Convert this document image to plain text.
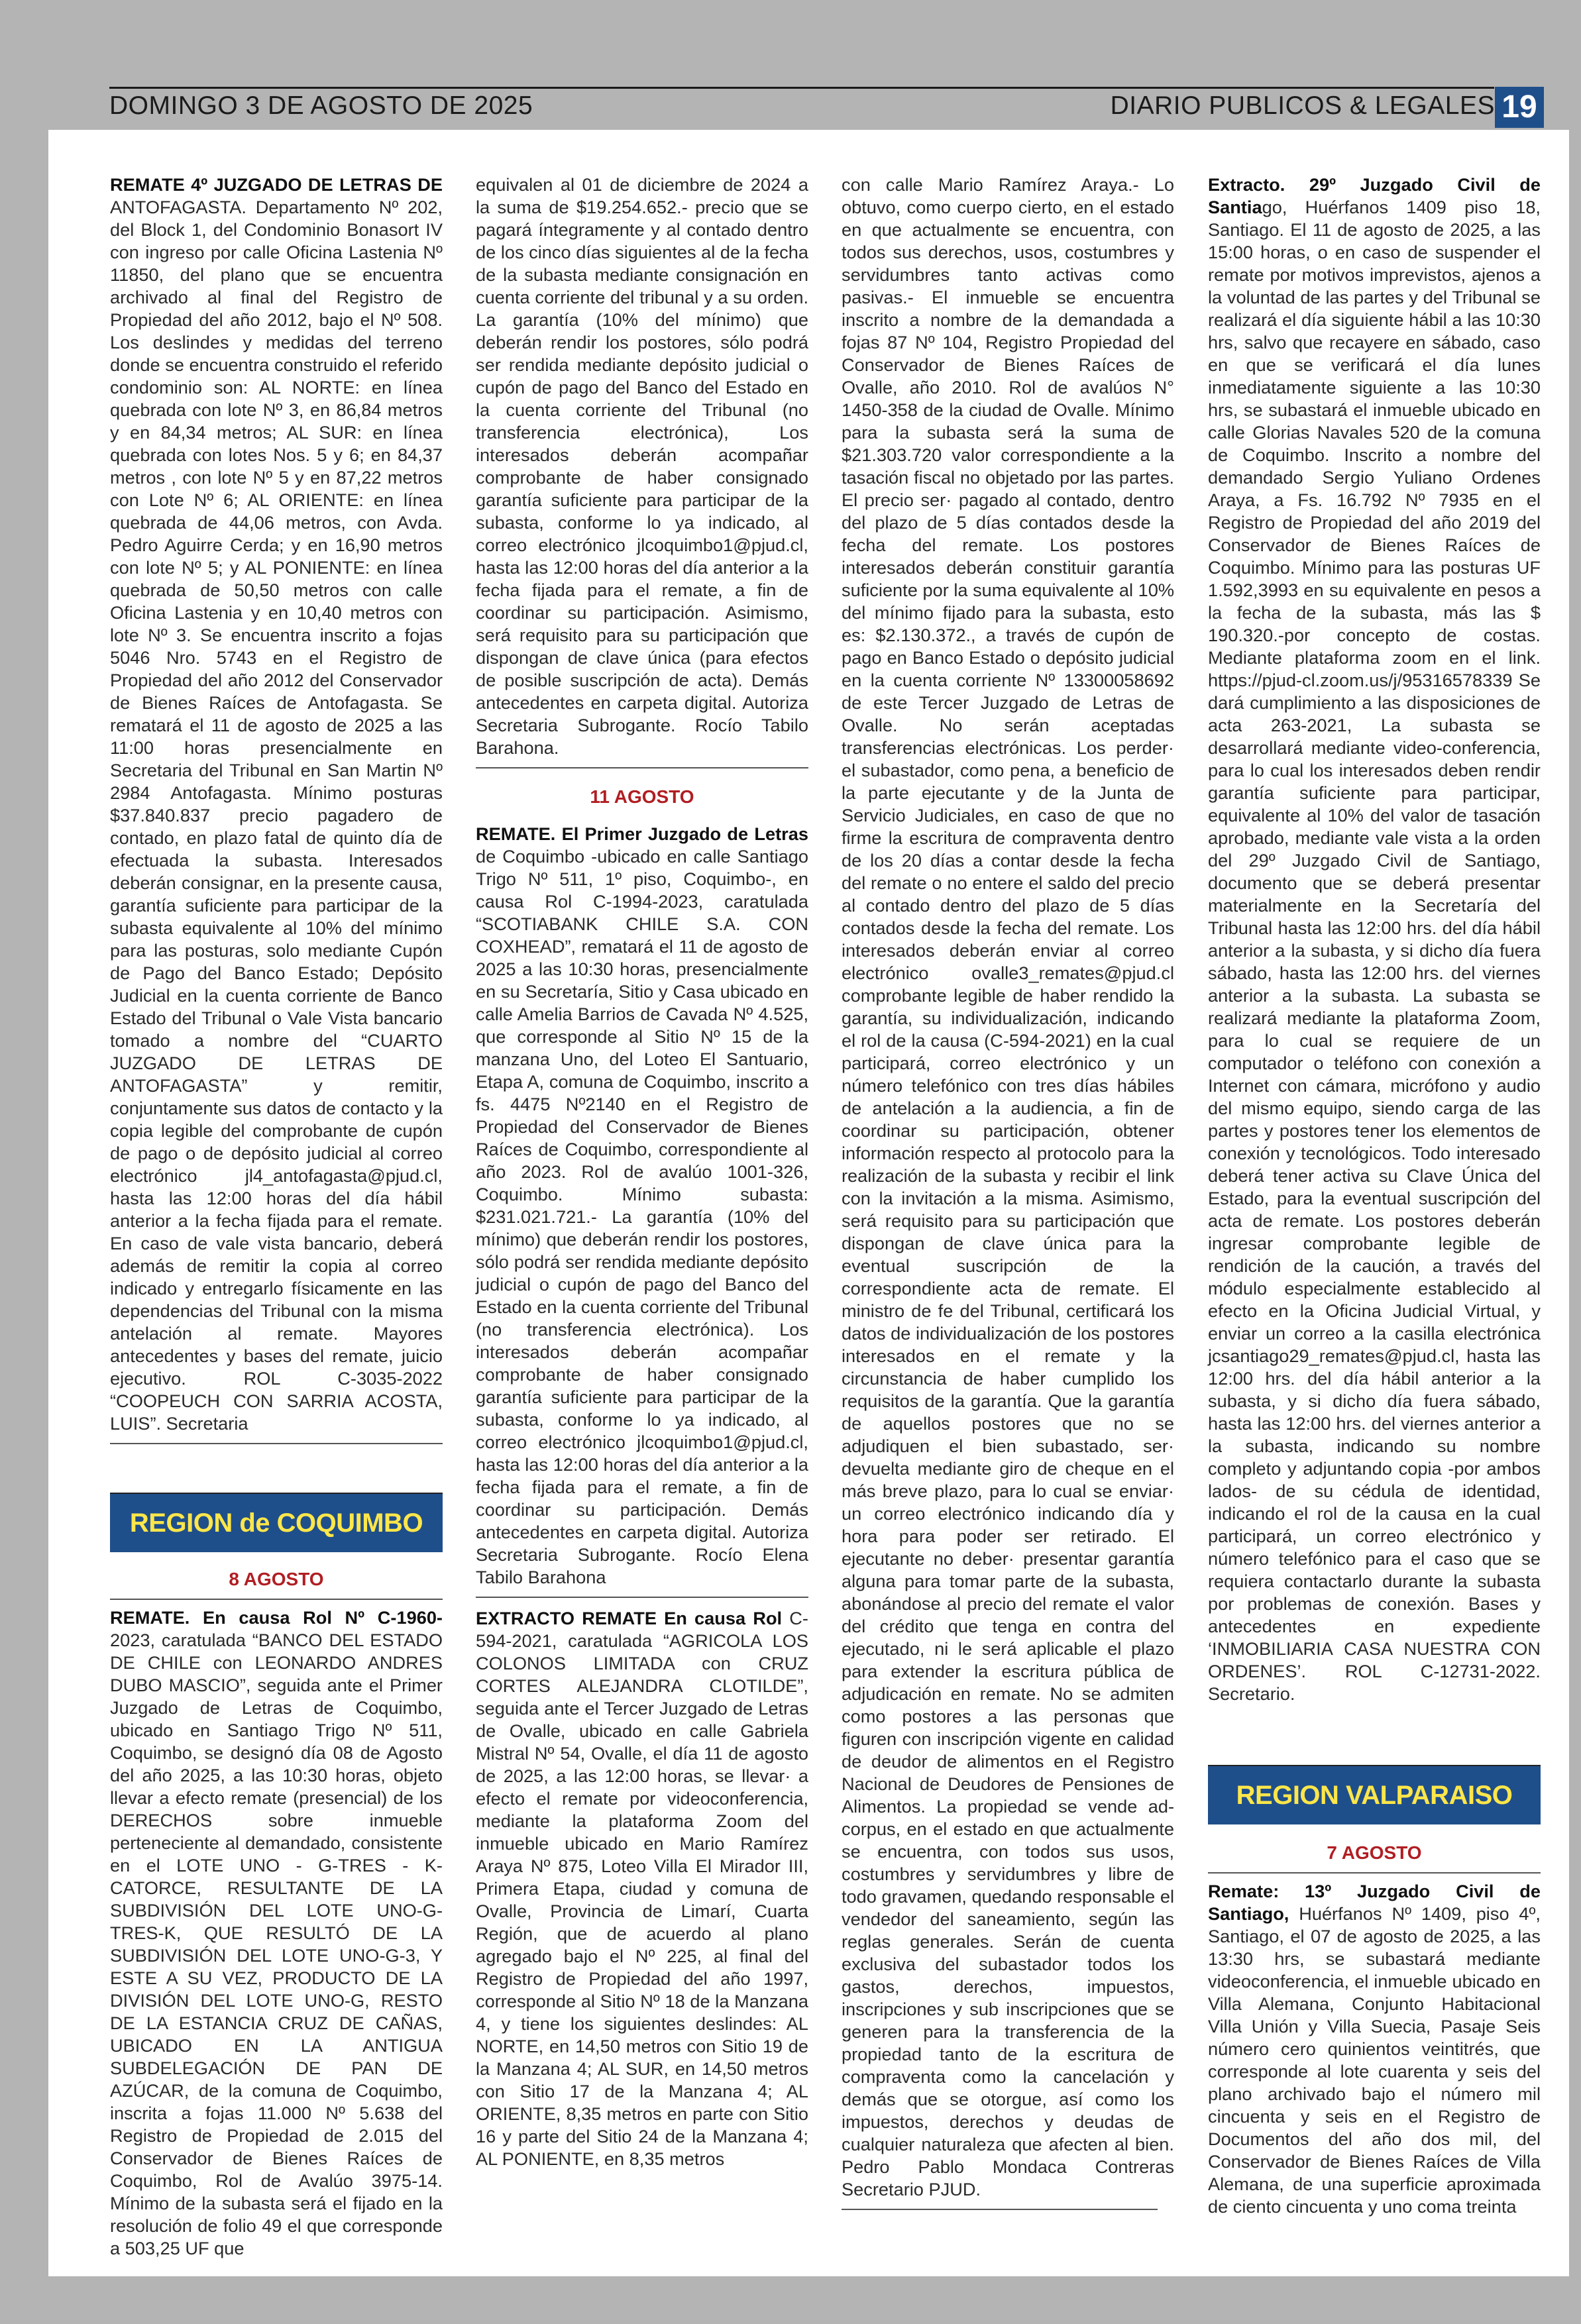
DOMINGO 3 DE AGOSTO DE 2025	DIARIO PUBLICOS & LEGALES 19

REMATE 4º JUZGADO DE LETRAS DE ANTOFAGASTA. Departamento Nº 202, del Block 1, del Condominio Bonasort IV con ingreso por calle Oficina Lastenia Nº 11850, del plano que se encuentra archivado al final del Registro de Propiedad del año 2012, bajo el Nº 508. Los deslindes y medidas del terreno donde se encuentra construido el referido condominio son: AL NORTE: en línea quebrada con lote Nº 3, en 86,84 metros y en 84,34 metros; AL SUR: en línea quebrada con lotes Nos. 5 y 6; en 84,37 metros , con lote Nº 5 y en 87,22 metros con Lote Nº 6; AL ORIENTE: en línea quebrada de 44,06 metros, con Avda. Pedro Aguirre Cerda; y en 16,90 metros con lote Nº 5; y AL PONIENTE: en línea quebrada de 50,50 metros con calle Oficina Lastenia y en 10,40 metros con lote Nº 3. Se encuentra inscrito a fojas 5046 Nro. 5743 en el Registro de Propiedad del año 2012 del Conservador de Bienes Raíces de Antofagasta. Se rematará el 11 de agosto de 2025 a las 11:00 horas presencialmente en Secretaria del Tribunal en San Martin Nº 2984 Antofagasta. Mínimo posturas $37.840.837 precio pagadero de contado, en plazo fatal de quinto día de efectuada la subasta. Interesados deberán consignar, en la presente causa, garantía suficiente para participar de la subasta equivalente al 10% del mínimo para las posturas, solo mediante Cupón de Pago del Banco Estado; Depósito Judicial en la cuenta corriente de Banco Estado del Tribunal o Vale Vista bancario tomado a nombre del “CUARTO JUZGADO DE LETRAS DE ANTOFAGASTA” y remitir, conjuntamente sus datos de contacto y la copia legible del comprobante de cupón de pago o de depósito judicial al correo electrónico jl4_antofagasta@pjud.cl, hasta las 12:00 horas del día hábil anterior a la fecha fijada para el remate. En caso de vale vista bancario, deberá además de remitir la copia al correo indicado y entregarlo físicamente en las dependencias del Tribunal con la misma antelación al remate. Mayores antecedentes y bases del remate, juicio ejecutivo. ROL C-3035-2022 “COOPEUCH CON SARRIA ACOSTA, LUIS”. Secretaria

REGION de COQUIMBO
8 AGOSTO

REMATE. En causa Rol Nº C-1960-2023, caratulada “BANCO DEL ESTADO DE CHILE con LEONARDO ANDRES DUBO MASCIO”, seguida ante el Primer Juzgado de Letras de Coquimbo, ubicado en Santiago Trigo Nº 511, Coquimbo, se designó día 08 de Agosto del año 2025, a las 10:30 horas, objeto llevar a efecto remate (presencial) de los DERECHOS sobre inmueble perteneciente al demandado, consistente en el LOTE UNO - G-TRES - K- CATORCE, RESULTANTE DE LA SUBDIVISIÓN DEL LOTE UNO-G-TRES-K, QUE RESULTÓ DE LA SUBDIVISIÓN DEL LOTE UNO-G-3, Y ESTE A SU VEZ, PRODUCTO DE LA DIVISIÓN DEL LOTE UNO-G, RESTO DE LA ESTANCIA CRUZ DE CAÑAS, UBICADO EN LA ANTIGUA SUBDELEGACIÓN DE PAN DE AZÚCAR, de la comuna de Coquimbo, inscrita a fojas 11.000 Nº 5.638 del Registro de Propiedad de 2.015 del Conservador de Bienes Raíces de Coquimbo, Rol de Avalúo 3975-14. Mínimo de la subasta será el fijado en la resolución de folio 49 el que corresponde a 503,25 UF que

equivalen al 01 de diciembre de 2024 a la suma de $19.254.652.- precio que se pagará íntegramente y al contado dentro de los cinco días siguientes al de la fecha de la subasta mediante consignación en cuenta corriente del tribunal y a su orden. La garantía (10% del mínimo) que deberán rendir los postores, sólo podrá ser rendida mediante depósito judicial o cupón de pago del Banco del Estado en la cuenta corriente del Tribunal (no transferencia electrónica), Los interesados deberán acompañar comprobante de haber consignado garantía suficiente para participar de la subasta, conforme lo ya indicado, al correo electrónico jlcoquimbo1@pjud.cl, hasta las 12:00 horas del día anterior a la fecha fijada para el remate, a fin de coordinar su participación. Asimismo, será requisito para su participación que dispongan de clave única (para efectos de posible suscripción de acta). Demás antecedentes en carpeta digital. Autoriza Secretaria Subrogante. Rocío Tabilo Barahona.

11 AGOSTO

REMATE. El Primer Juzgado de Letras de Coquimbo -ubicado en calle Santiago Trigo Nº 511, 1º piso, Coquimbo-, en causa Rol C-1994-2023, caratulada “SCOTIABANK CHILE S.A. CON COXHEAD”, rematará el 11 de agosto de 2025 a las 10:30 horas, presencialmente en su Secretaría, Sitio y Casa ubicado en calle Amelia Barrios de Cavada Nº 4.525, que corresponde al Sitio Nº 15 de la manzana Uno, del Loteo El Santuario, Etapa A, comuna de Coquimbo, inscrito a fs. 4475 Nº2140 en el Registro de Propiedad del Conservador de Bienes Raíces de Coquimbo, correspondiente al año 2023. Rol de avalúo 1001-326, Coquimbo. Mínimo subasta: $231.021.721.- La garantía (10% del mínimo) que deberán rendir los postores, sólo podrá ser rendida mediante depósito judicial o cupón de pago del Banco del Estado en la cuenta corriente del Tribunal (no transferencia electrónica). Los interesados deberán acompañar comprobante de haber consignado garantía suficiente para participar de la subasta, conforme lo ya indicado, al correo electrónico jlcoquimbo1@pjud.cl, hasta las 12:00 horas del día anterior a la fecha fijada para el remate, a fin de coordinar su participación. Demás antecedentes en carpeta digital. Autoriza Secretaria Subrogante. Rocío Elena Tabilo Barahona

EXTRACTO REMATE En causa Rol C-594-2021, caratulada “AGRICOLA LOS COLONOS LIMITADA con CRUZ CORTES ALEJANDRA CLOTILDE”, seguida ante el Tercer Juzgado de Letras de Ovalle, ubicado en calle Gabriela Mistral Nº 54, Ovalle, el día 11 de agosto de 2025, a las 12:00 horas, se llevar· a efecto el remate por videoconferencia, mediante la plataforma Zoom del inmueble ubicado en Mario Ramírez Araya Nº 875, Loteo Villa El Mirador III, Primera Etapa, ciudad y comuna de Ovalle, Provincia de Limarí, Cuarta Región, que de acuerdo al plano agregado bajo el Nº 225, al final del Registro de Propiedad del año 1997, corresponde al Sitio Nº 18 de la Manzana 4, y tiene los siguientes deslindes: AL NORTE, en 14,50 metros con Sitio 19 de la Manzana 4; AL SUR, en 14,50 metros con Sitio 17 de la Manzana 4; AL ORIENTE, 8,35 metros en parte con Sitio 16 y parte del Sitio 24 de la Manzana 4; AL PONIENTE, en 8,35 metros

con calle Mario Ramírez Araya.- Lo obtuvo, como cuerpo cierto, en el estado en que actualmente se encuentra, con todos sus derechos, usos, costumbres y servidumbres tanto activas como pasivas.- El inmueble se encuentra inscrito a nombre de la demandada a fojas 87 Nº 104, Registro Propiedad del Conservador de Bienes Raíces de Ovalle, año 2010. Rol de avalúos N° 1450-358 de la ciudad de Ovalle. Mínimo para la subasta será la suma de $21.303.720 valor correspondiente a la tasación fiscal no objetado por las partes. El precio ser· pagado al contado, dentro del plazo de 5 días contados desde la fecha del remate. Los postores interesados deberán constituir garantía suficiente por la suma equivalente al 10% del mínimo fijado para la subasta, esto es: $2.130.372., a través de cupón de pago en Banco Estado o depósito judicial en la cuenta corriente Nº 13300058692 de este Tercer Juzgado de Letras de Ovalle. No serán aceptadas transferencias electrónicas. Los perder· el subastador, como pena, a beneficio de la parte ejecutante y de la Junta de Servicio Judiciales, en caso de que no firme la escritura de compraventa dentro de los 20 días a contar desde la fecha del remate o no entere el saldo del precio al contado dentro del plazo de 5 días contados desde la fecha del remate. Los interesados deberán enviar al correo electrónico ovalle3_remates@pjud.cl comprobante legible de haber rendido la garantía, su individualización, indicando el rol de la causa (C-594-2021) en la cual participará, correo electrónico y un número telefónico con tres días hábiles de antelación a la audiencia, a fin de coordinar su participación, obtener información respecto al protocolo para la realización de la subasta y recibir el link con la invitación a la misma. Asimismo, será requisito para su participación que dispongan de clave única para la eventual suscripción de la correspondiente acta de remate. El ministro de fe del Tribunal, certificará los datos de individualización de los postores interesados en el remate y la circunstancia de haber cumplido los requisitos de la garantía. Que la garantía de aquellos postores que no se adjudiquen el bien subastado, ser· devuelta mediante giro de cheque en el más breve plazo, para lo cual se enviar· un correo electrónico indicando día y hora para poder ser retirado. El ejecutante no deber· presentar garantía alguna para tomar parte de la subasta, abonándose al precio del remate el valor del crédito que tenga en contra del ejecutado, ni le será aplicable el plazo para extender la escritura pública de adjudicación en remate. No se admiten como postores a las personas que figuren con inscripción vigente en calidad de deudor de alimentos en el Registro Nacional de Deudores de Pensiones de Alimentos. La propiedad se vende ad-corpus, en el estado en que actualmente se encuentra, con todos sus usos, costumbres y servidumbres y libre de todo gravamen, quedando responsable el vendedor del saneamiento, según las reglas generales. Serán de cuenta exclusiva del subastador todos los gastos, derechos, impuestos, inscripciones y sub inscripciones que se generen para la transferencia de la propiedad tanto de la escritura de compraventa como la cancelación y demás que se otorgue, así como los impuestos, derechos y deudas de cualquier naturaleza que afecten al bien. Pedro Pablo Mondaca Contreras Secretario PJUD.

Extracto. 29º Juzgado Civil de Santiago, Huérfanos 1409 piso 18, Santiago. El 11 de agosto de 2025, a las 15:00 horas, o en caso de suspender el remate por motivos imprevistos, ajenos a la voluntad de las partes y del Tribunal se realizará el día siguiente hábil a las 10:30 hrs, salvo que recayere en sábado, caso en que se verificará el día lunes inmediatamente siguiente a las 10:30 hrs, se subastará el inmueble ubicado en calle Glorias Navales 520 de la comuna de Coquimbo. Inscrito a nombre del demandado Sergio Yuliano Ordenes Araya, a Fs. 16.792 Nº 7935 en el Registro de Propiedad del año 2019 del Conservador de Bienes Raíces de Coquimbo. Mínimo para las posturas UF 1.592,3993 en su equivalente en pesos a la fecha de la subasta, más las $ 190.320.-por concepto de costas. Mediante plataforma zoom en el link. https://pjud-cl.zoom.us/j/95316578339 Se dará cumplimiento a las disposiciones de acta 263-2021, La subasta se desarrollará mediante video-conferencia, para lo cual los interesados deben rendir garantía suficiente para participar, equivalente al 10% del valor de tasación aprobado, mediante vale vista a la orden del 29º Juzgado Civil de Santiago, documento que se deberá presentar materialmente en la Secretaría del Tribunal hasta las 12:00 hrs. del día hábil anterior a la subasta, y si dicho día fuera sábado, hasta las 12:00 hrs. del viernes anterior a la subasta. La subasta se realizará mediante la plataforma Zoom, para lo cual se requiere de un computador o teléfono con conexión a Internet con cámara, micrófono y audio del mismo equipo, siendo carga de las partes y postores tener los elementos de conexión y tecnológicos. Todo interesado deberá tener activa su Clave Única del Estado, para la eventual suscripción del acta de remate. Los postores deberán ingresar comprobante legible de rendición de la caución, a través del módulo especialmente establecido al efecto en la Oficina Judicial Virtual, y enviar un correo a la casilla electrónica jcsantiago29_remates@pjud.cl, hasta las 12:00 hrs. del día hábil anterior a la subasta, y si dicho día fuera sábado, hasta las 12:00 hrs. del viernes anterior a la subasta, indicando su nombre completo y adjuntando copia -por ambos lados- de su cédula de identidad, indicando el rol de la causa en la cual participará, un correo electrónico y número telefónico para el caso que se requiera contactarlo durante la subasta por problemas de conexión. Bases y antecedentes en expediente ‘INMOBILIARIA CASA NUESTRA CON ORDENES’. ROL C-12731-2022. Secretario.

REGION VALPARAISO
7 AGOSTO

Remate: 13º Juzgado Civil de Santiago, Huérfanos Nº 1409, piso 4º, Santiago, el 07 de agosto de 2025, a las 13:30 hrs, se subastará mediante videoconferencia, el inmueble ubicado en Villa Alemana, Conjunto Habitacional Villa Unión y Villa Suecia, Pasaje Seis número cero quinientos veintitrés, que corresponde al lote cuarenta y seis del plano archivado bajo el número mil cincuenta y seis en el Registro de Documentos del año dos mil, del Conservador de Bienes Raíces de Villa Alemana, de una superficie aproximada de ciento cincuenta y uno coma treinta
